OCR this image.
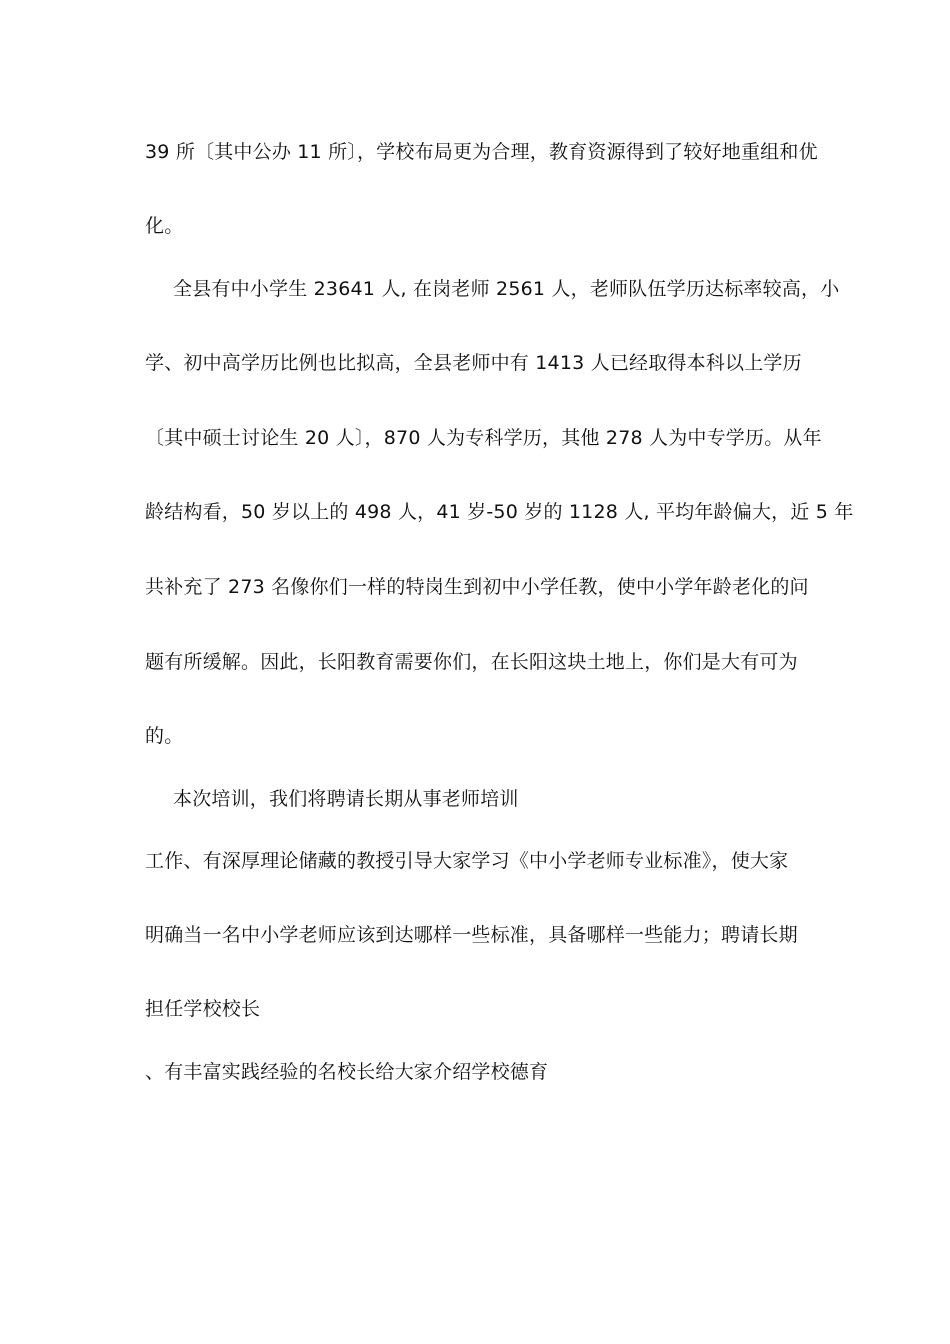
39 所〔其中公办 11 所〕，学校布局更为合理，教育资源得到了较好地重组和优
化。
全县有中小学生 23641 人, 在岗老师 2561 人，老师队伍学历达标率较高，小
学、初中高学历比例也比拟高，全县老师中有 1413 人已经取得本科以上学历
〔其中硕士讨论生 20 人〕，870 人为专科学历，其他 278 人为中专学历。从年
龄结构看，50 岁以上的 498 人，41 岁-50 岁的 1128 人, 平均年龄偏大，近 5 年
共补充了 273 名像你们一样的特岗生到初中小学任教，使中小学年龄老化的问
题有所缓解。因此，长阳教育需要你们，在长阳这块土地上，你们是大有可为
的。
本次培训，我们将聘请长期从事老师培训
工作、有深厚理论储藏的教授引导大家学习《中小学老师专业标准》，使大家
明确当一名中小学老师应该到达哪样一些标准，具备哪样一些能力；聘请长期
担任学校校长
、有丰富实践经验的名校长给大家介绍学校德育
